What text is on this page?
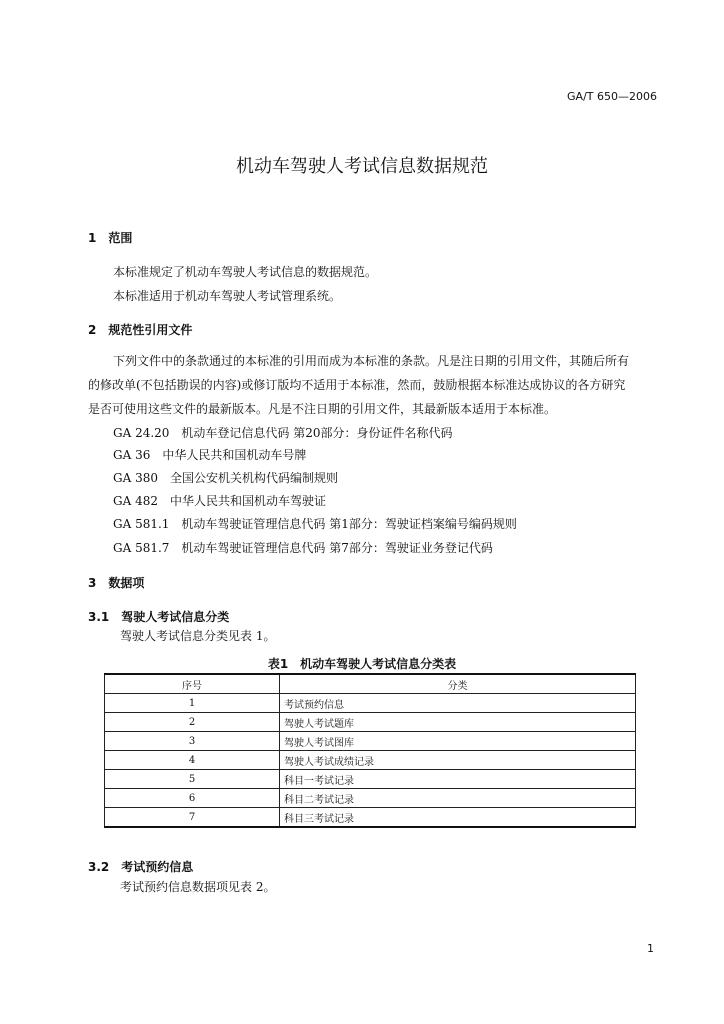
GA/T 650—2006
机动车驾驶人考试信息数据规范
1　范围
本标准规定了机动车驾驶人考试信息的数据规范。
本标准适用于机动车驾驶人考试管理系统。
2　规范性引用文件
下列文件中的条款通过的本标准的引用而成为本标准的条款。凡是注日期的引用文件，其随后所有
的修改单(不包括勘误的内容)或修订版均不适用于本标准，然而，鼓励根据本标准达成协议的各方研究
是否可使用这些文件的最新版本。凡是不注日期的引用文件，其最新版本适用于本标准。
GA 24.20　机动车登记信息代码 第20部分：身份证件名称代码
GA 36　中华人民共和国机动车号牌
GA 380　全国公安机关机构代码编制规则
GA 482　中华人民共和国机动车驾驶证
GA 581.1　机动车驾驶证管理信息代码 第1部分：驾驶证档案编号编码规则
GA 581.7　机动车驾驶证管理信息代码 第7部分：驾驶证业务登记代码
3　数据项
3.1　驾驶人考试信息分类
驾驶人考试信息分类见表 1。
表1　机动车驾驶人考试信息分类表
序号	分类
1	考试预约信息
2	驾驶人考试题库
3	驾驶人考试图库
4	驾驶人考试成绩记录
5	科目一考试记录
6	科目二考试记录
7	科目三考试记录
3.2　考试预约信息
考试预约信息数据项见表 2。
1
